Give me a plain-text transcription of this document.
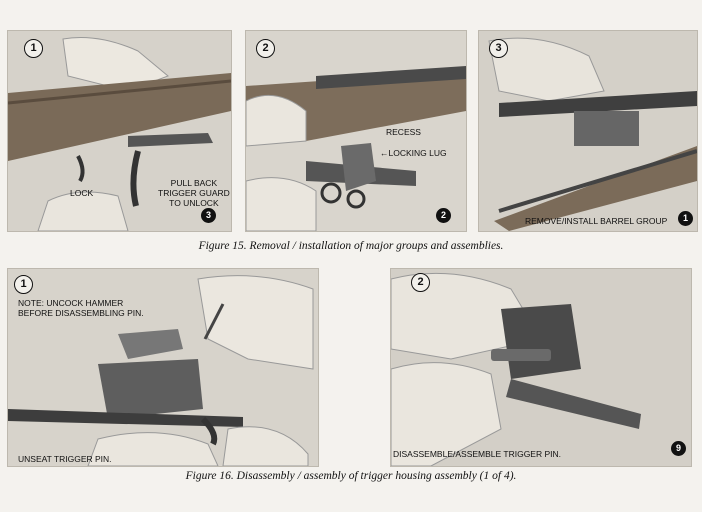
1
LOCK
PULL BACK
TRIGGER GUARD
TO UNLOCK
3
2
RECESS
←LOCKING LUG
2
3
REMOVE/INSTALL BARREL GROUP	1
Figure 15. Removal / installation of major groups and assemblies.
1
NOTE: UNCOCK HAMMER
BEFORE DISASSEMBLING PIN.
UNSEAT TRIGGER PIN.
2
DISASSEMBLE/ASSEMBLE TRIGGER PIN.
9
Figure 16. Disassembly / assembly of trigger housing assembly (1 of 4).
